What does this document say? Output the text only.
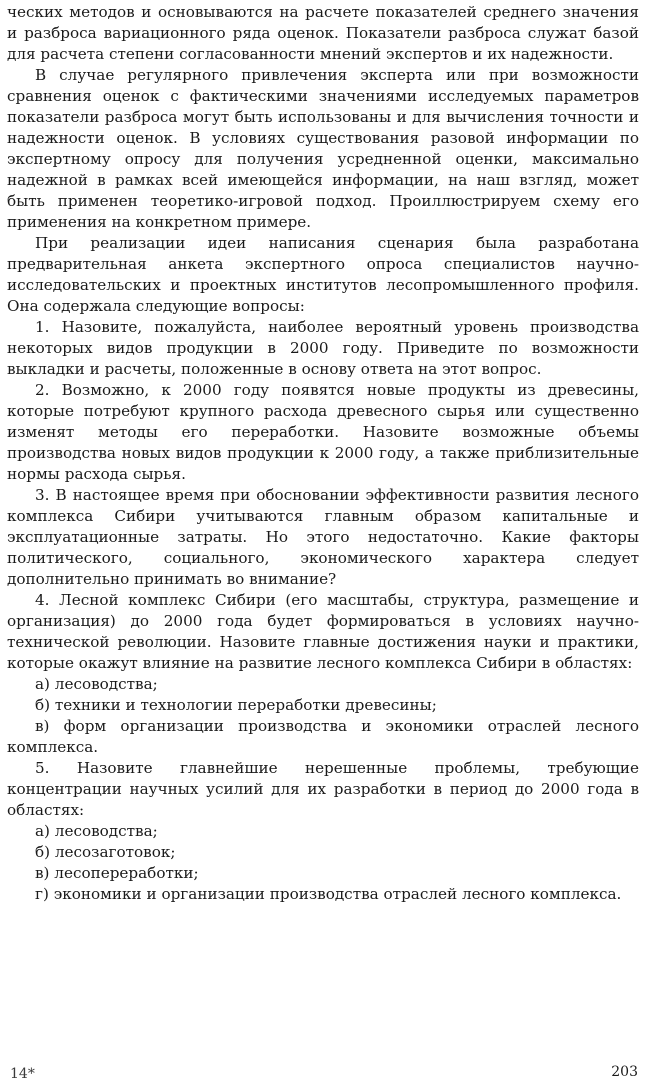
ческих методов и основываются на расчете показателей среднего значения и разброса вариационного ряда оценок. Показатели разброса служат базой для расчета степени согласованности мнений экспертов и их надежности.

В случае регулярного привлечения эксперта или при возможности сравнения оценок с фактическими значениями исследуемых параметров показатели разброса могут быть использованы и для вычисления точности и надежности оценок. В условиях существования разовой информации по экспертному опросу для получения усредненной оценки, максимально надежной в рамках всей имеющейся информации, на наш взгляд, может быть применен теоретико-игровой подход. Проиллюстрируем схему его применения на конкретном примере.

При реализации идеи написания сценария была разработана предварительная анкета экспертного опроса специалистов научно-исследовательских и проектных институтов лесопромышленного профиля. Она содержала следующие вопросы:

1. Назовите, пожалуйста, наиболее вероятный уровень производства некоторых видов продукции в 2000 году. Приведите по возможности выкладки и расчеты, положенные в основу ответа на этот вопрос.

2. Возможно, к 2000 году появятся новые продукты из древесины, которые потребуют крупного расхода древесного сырья или существенно изменят методы его переработки. Назовите возможные объемы производства новых видов продукции к 2000 году, а также приблизительные нормы расхода сырья.

3. В настоящее время при обосновании эффективности развития лесного комплекса Сибири учитываются главным образом капитальные и эксплуатационные затраты. Но этого недостаточно. Какие факторы политического, социального, экономического характера следует дополнительно принимать во внимание?

4. Лесной комплекс Сибири (его масштабы, структура, размещение и организация) до 2000 года будет формироваться в условиях научно-технической революции. Назовите главные достижения науки и практики, которые окажут влияние на развитие лесного комплекса Сибири в областях:

а) лесоводства;

б) техники и технологии переработки древесины;

в) форм организации производства и экономики отраслей лесного комплекса.

5. Назовите главнейшие нерешенные проблемы, требующие концентрации научных усилий для их разработки в период до 2000 года в областях:

а) лесоводства;

б) лесозаготовок;

в) лесопереработки;

г) экономики и организации производства отраслей лесного комплекса.

14*	203
